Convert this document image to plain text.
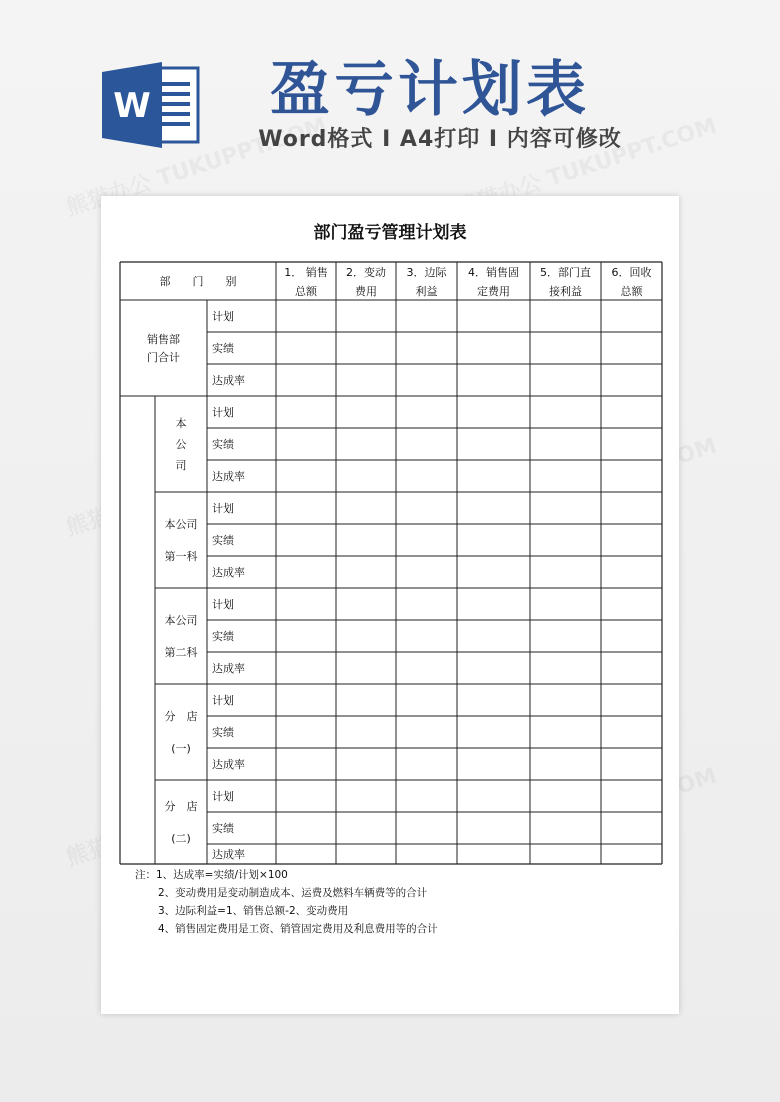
W	盈亏计划表
Word格式 I A4打印 I 内容可修改
部门盈亏管理计划表
部　　门　　别
1． 销售
总额
2．变动
费用
3．边际
利益
4．销售固
定费用
5．部门直
接利益
6．回收
总额
计划
实绩
达成率
计划
实绩
达成率
计划
实绩
达成率
计划
实绩
达成率
计划
实绩
达成率
计划
实绩
达成率
销售部
门合计
本
公
司
本公司
第一科
本公司
第二科
分　店
(一)
分　店
(二)
注：1、达成率=实绩/计划×100
2、变动费用是变动制造成本、运费及燃料车辆费等的合计
3、边际利益=1、销售总额-2、变动费用
4、销售固定费用是工资、销管固定费用及利息费用等的合计
